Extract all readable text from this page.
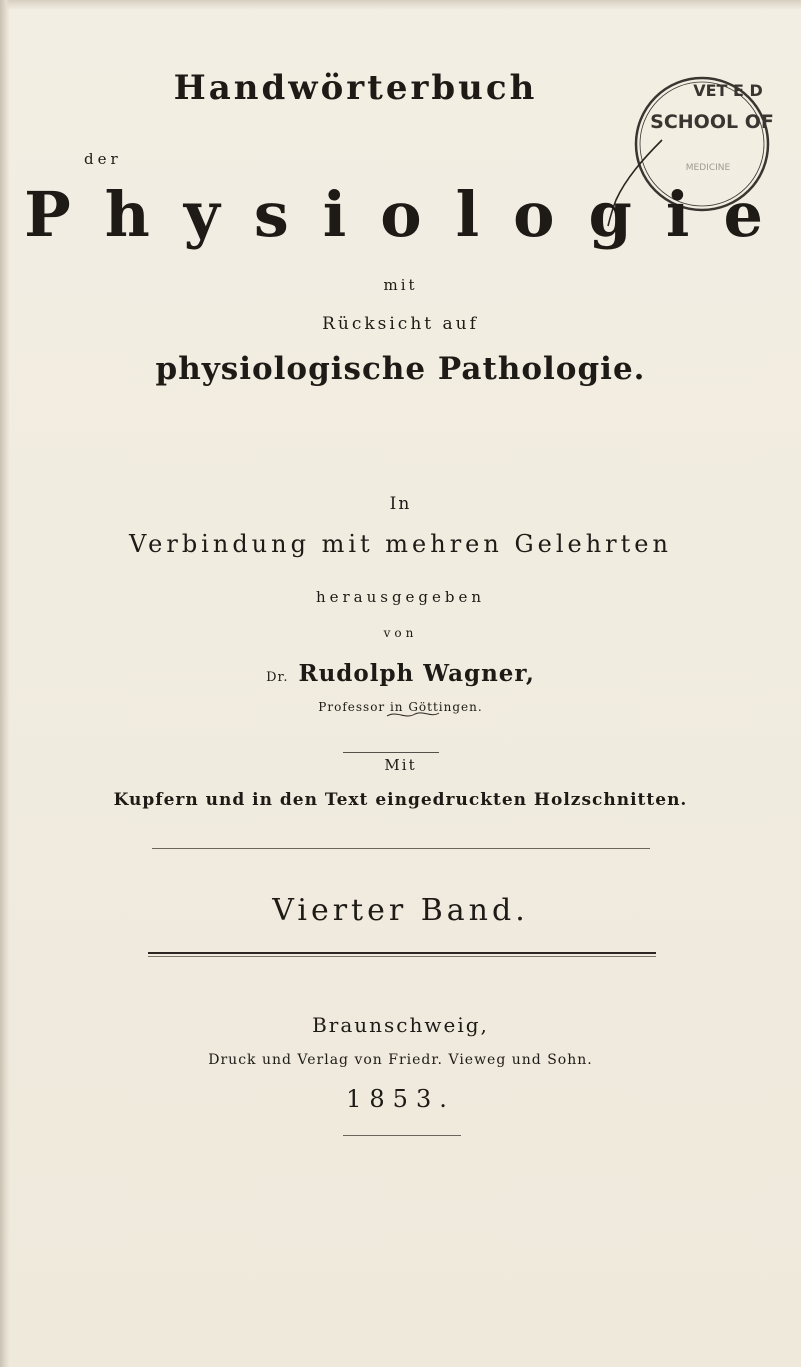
Handwörterbuch
der
VET E D
SCHOOL OF
MEDICINE
Physiologie
mit
Rücksicht auf
physiologische Pathologie.
In
Verbindung mit mehren Gelehrten
herausgegeben
von
Dr. Rudolph Wagner,
Professor in Göttingen.
Mit
Kupfern und in den Text eingedruckten Holzschnitten.
Vierter Band.
Braunschweig,
Druck und Verlag von Friedr. Vieweg und Sohn.
1853.
